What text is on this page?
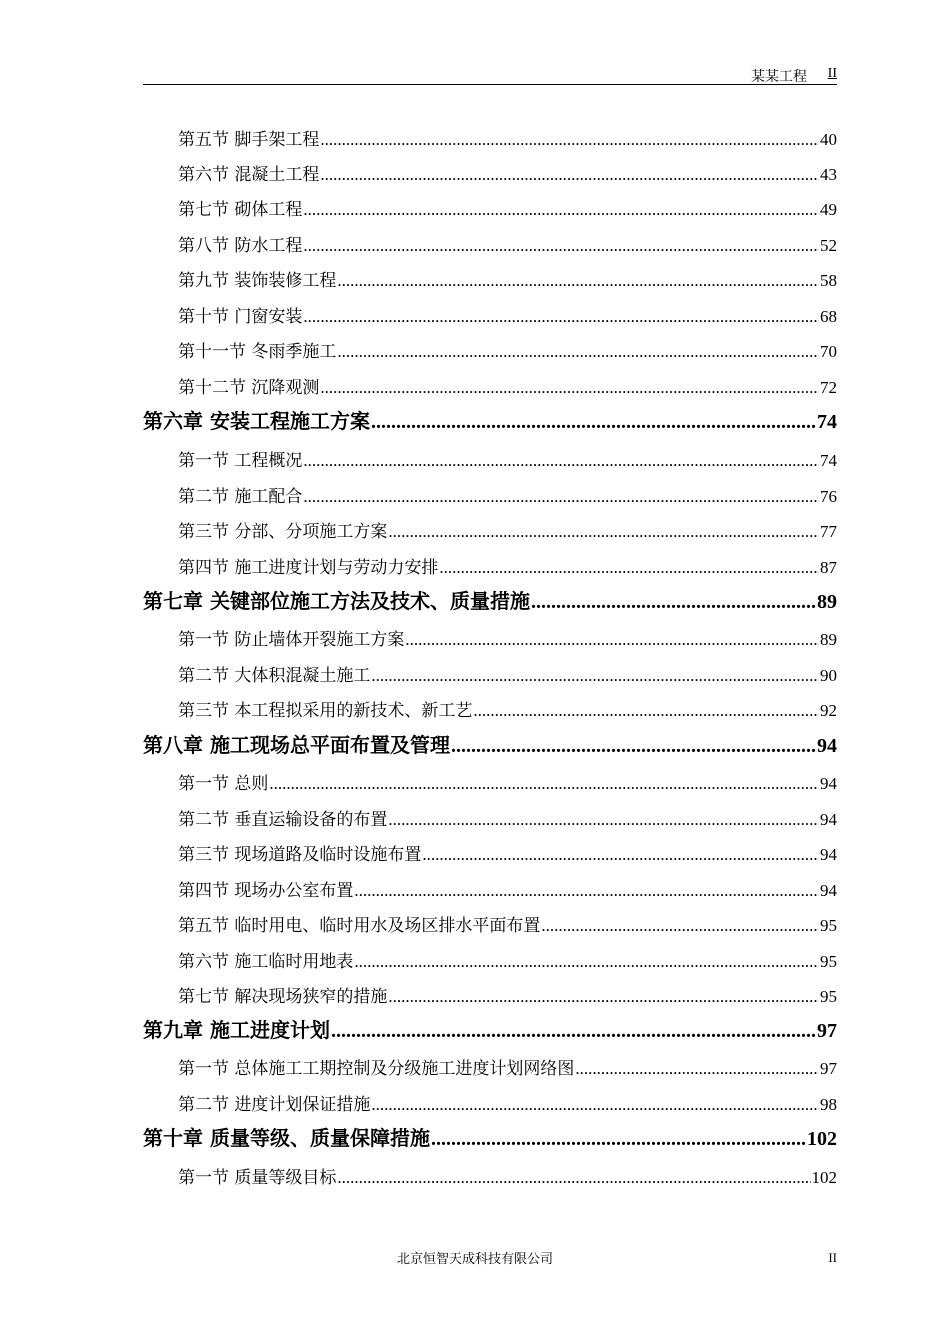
某某工程 II
第五节 脚手架工程 .....	40
第六节 混凝土工程 .....	43
第七节 砌体工程 .....	49
第八节 防水工程 .....	52
第九节 装饰装修工程 .....	58
第十节 门窗安装 .....	68
第十一节 冬雨季施工 .....	70
第十二节 沉降观测 .....	72
第六章 安装工程施工方案 .....	74
第一节 工程概况 .....	74
第二节 施工配合 .....	76
第三节 分部、分项施工方案 .....	77
第四节 施工进度计划与劳动力安排 .....	87
第七章 关键部位施工方法及技术、质量措施 .....	89
第一节 防止墙体开裂施工方案 .....	89
第二节 大体积混凝土施工 .....	90
第三节 本工程拟采用的新技术、新工艺 .....	92
第八章 施工现场总平面布置及管理 .....	94
第一节 总则 .....	94
第二节 垂直运输设备的布置 .....	94
第三节 现场道路及临时设施布置 .....	94
第四节 现场办公室布置 .....	94
第五节 临时用电、临时用水及场区排水平面布置 .....	95
第六节 施工临时用地表 .....	95
第七节 解决现场狭窄的措施 .....	95
第九章 施工进度计划 .....	97
第一节 总体施工工期控制及分级施工进度计划网络图 .....	97
第二节 进度计划保证措施 .....	98
第十章 质量等级、质量保障措施 .....	102
第一节 质量等级目标 .....	102
北京恒智天成科技有限公司	II
